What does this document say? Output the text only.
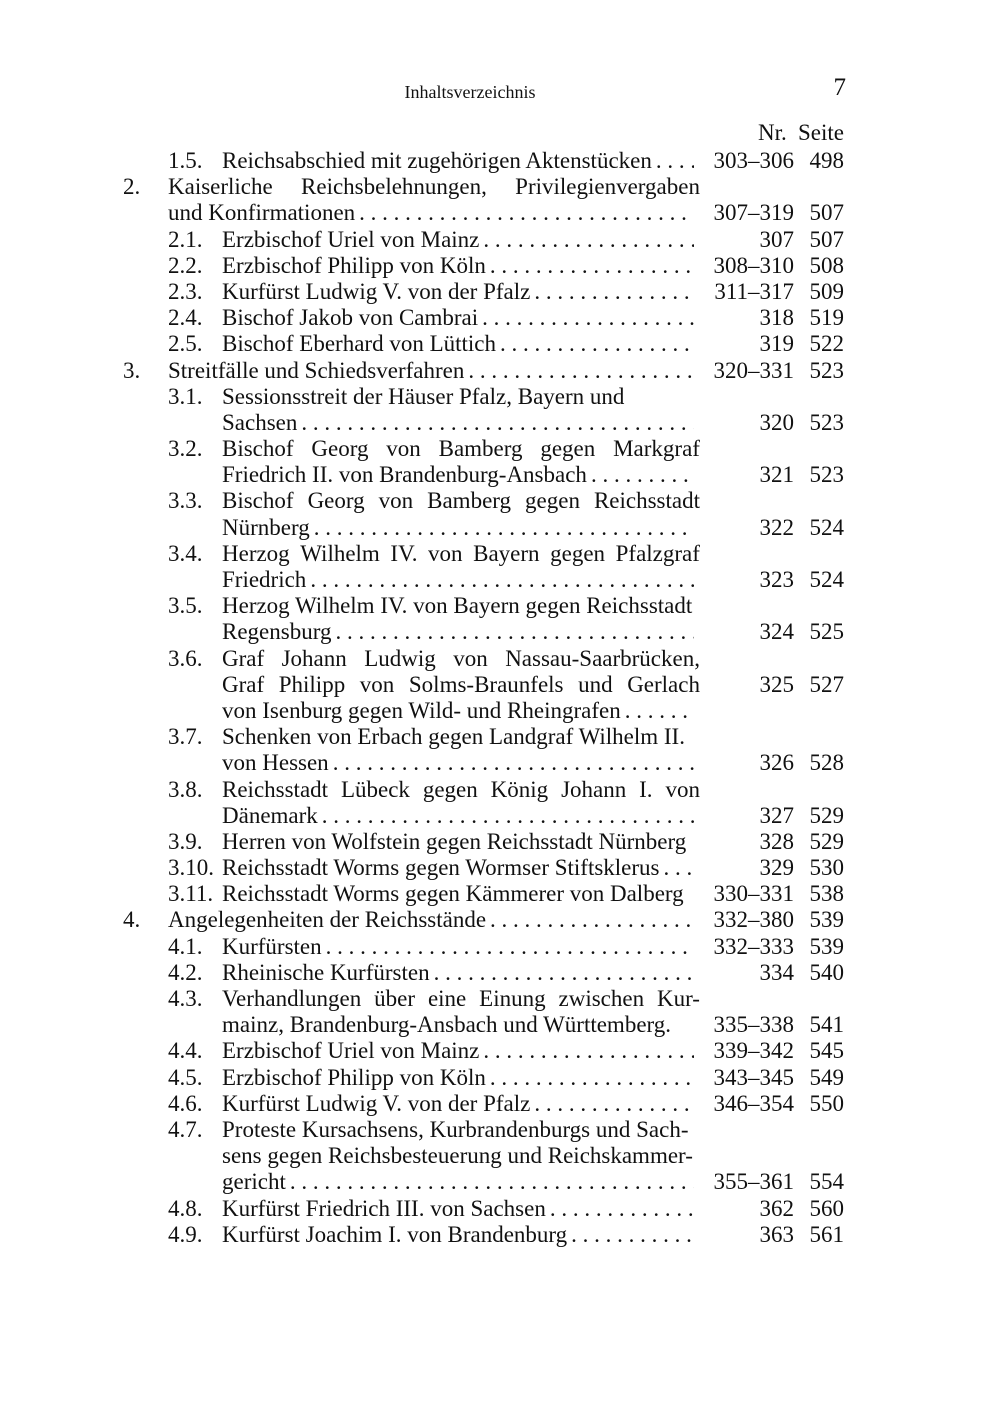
Inhaltsverzeichnis	7
Nr. Seite
1.5. Reichsabschied mit zugehörigen Aktenstücken . . .	303–306 498
2. Kaiserliche Reichsbelehnungen, Privilegienvergaben
und Konfirmationen . . .	307–319 507
2.1. Erzbischof Uriel von Mainz . . .	307 507
2.2. Erzbischof Philipp von Köln . . .	308–310 508
2.3. Kurfürst Ludwig V. von der Pfalz . . .	311–317 509
2.4. Bischof Jakob von Cambrai . . .	318 519
2.5. Bischof Eberhard von Lüttich . . .	319 522
3. Streitfälle und Schiedsverfahren . . .	320–331 523
3.1. Sessionsstreit der Häuser Pfalz, Bayern und
Sachsen . . .	320 523
3.2. Bischof Georg von Bamberg gegen Markgraf
Friedrich II. von Brandenburg-Ansbach . . .	321 523
3.3. Bischof Georg von Bamberg gegen Reichsstadt
Nürnberg . . .	322 524
3.4. Herzog Wilhelm IV. von Bayern gegen Pfalzgraf
Friedrich . . .	323 524
3.5. Herzog Wilhelm IV. von Bayern gegen Reichsstadt
Regensburg . . .	324 525
3.6. Graf Johann Ludwig von Nassau-Saarbrücken,
Graf Philipp von Solms-Braunfels und Gerlach	325 527
von Isenburg gegen Wild- und Rheingrafen
. . .
3.7. Schenken von Erbach gegen Landgraf Wilhelm II.
von Hessen . . .	326 528
3.8. Reichsstadt Lübeck gegen König Johann I. von
Dänemark . . .	327 529
3.9. Herren von Wolfstein gegen Reichsstadt Nürnberg	328 529
3.10. Reichsstadt Worms gegen Wormser Stiftsklerus . . .	329 530
3.11. Reichsstadt Worms gegen Kämmerer von Dalberg	330–331 538
4. Angelegenheiten der Reichsstände . . .	332–380 539
4.1. Kurfürsten . . .	332–333 539
4.2. Rheinische Kurfürsten . . .	334 540
4.3. Verhandlungen über eine Einung zwischen Kur-
mainz, Brandenburg-Ansbach und Württemberg.	335–338 541
4.4. Erzbischof Uriel von Mainz . . .	339–342 545
4.5. Erzbischof Philipp von Köln . . .	343–345 549
4.6. Kurfürst Ludwig V. von der Pfalz . . .	346–354 550
4.7. Proteste Kursachsens, Kurbrandenburgs und Sach-
sens gegen Reichsbesteuerung und Reichskammer-
gericht . . .	355–361 554
4.8. Kurfürst Friedrich III. von Sachsen . . .	362 560
4.9. Kurfürst Joachim I. von Brandenburg . . .	363 561
